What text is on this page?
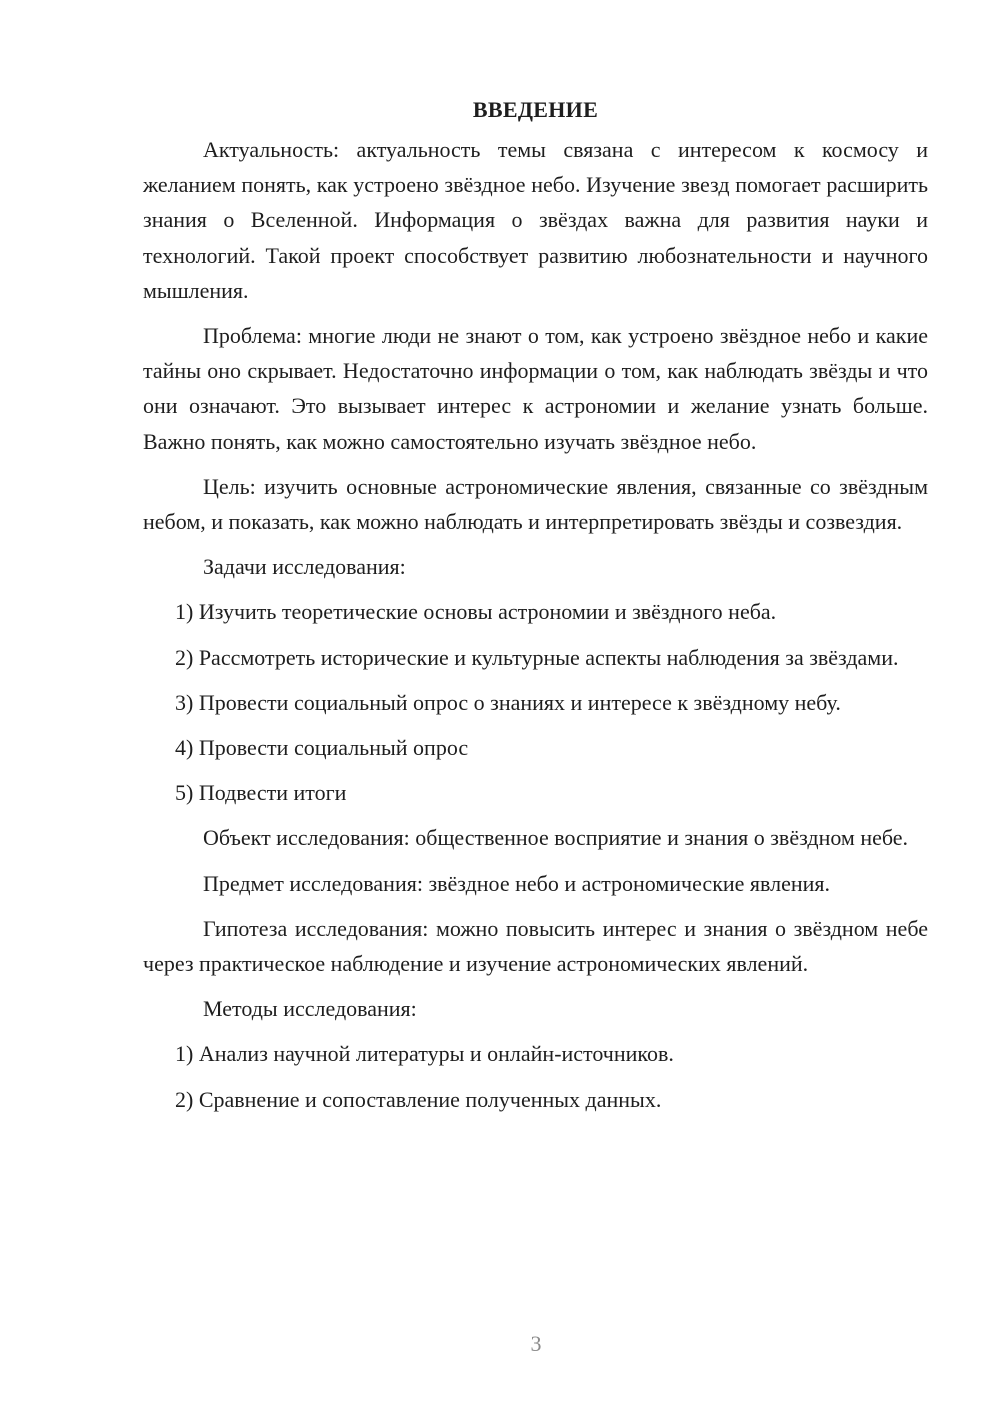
ВВЕДЕНИЕ

Актуальность: актуальность темы связана с интересом к космосу и желанием понять, как устроено звёздное небо. Изучение звезд помогает расширить знания о Вселенной. Информация о звёздах важна для развития науки и технологий. Такой проект способствует развитию любознательности и научного мышления.

Проблема: многие люди не знают о том, как устроено звёздное небо и какие тайны оно скрывает. Недостаточно информации о том, как наблюдать звёзды и что они означают. Это вызывает интерес к астрономии и желание узнать больше. Важно понять, как можно самостоятельно изучать звёздное небо.

Цель: изучить основные астрономические явления, связанные со звёздным небом, и показать, как можно наблюдать и интерпретировать звёзды и созвездия.

Задачи исследования:

1) Изучить теоретические основы астрономии и звёздного неба.

2) Рассмотреть исторические и культурные аспекты наблюдения за звёздами.

3) Провести социальный опрос о знаниях и интересе к звёздному небу.

4) Провести социальный опрос

5) Подвести итоги

Объект исследования: общественное восприятие и знания о звёздном небе.

Предмет исследования: звёздное небо и астрономические явления.

Гипотеза исследования: можно повысить интерес и знания о звёздном небе через практическое наблюдение и изучение астрономических явлений.

Методы исследования:

1) Анализ научной литературы и онлайн-источников.

2) Сравнение и сопоставление полученных данных.

3
